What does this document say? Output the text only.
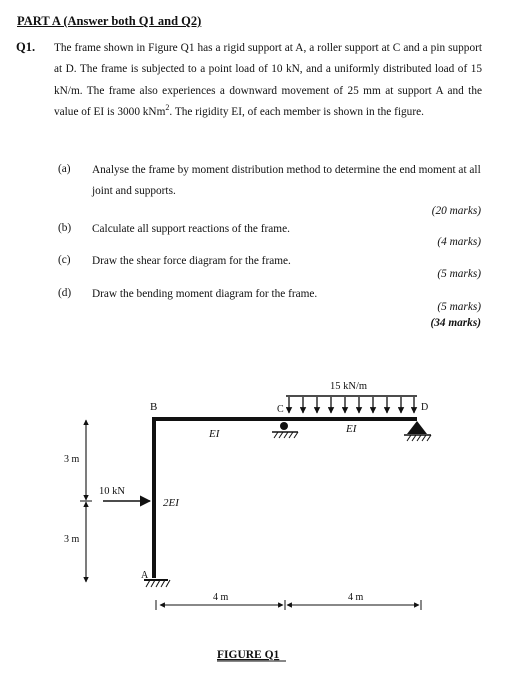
PART A (Answer both Q1 and Q2)
Q1. The frame shown in Figure Q1 has a rigid support at A, a roller support at C and a pin support at D. The frame is subjected to a point load of 10 kN, and a uniformly distributed load of 15 kN/m. The frame also experiences a downward movement of 25 mm at support A and the value of EI is 3000 kNm$^2$. The rigidity EI, of each member is shown in the figure.

(a) Analyse the frame by moment distribution method to determine the end moment at all joint and supports.

(20 marks)
(b) Calculate all support reactions of the frame.

(4 marks)
(c) Draw the shear force diagram for the frame.

(5 marks)
(d) Draw the bending moment diagram for the frame.

(5 marks)
(34 marks)
B	C	D
A
15 kN/m
EI	EI
2EI
10 kN
3 m
3 m
4 m	4 m
FIGURE Q1
